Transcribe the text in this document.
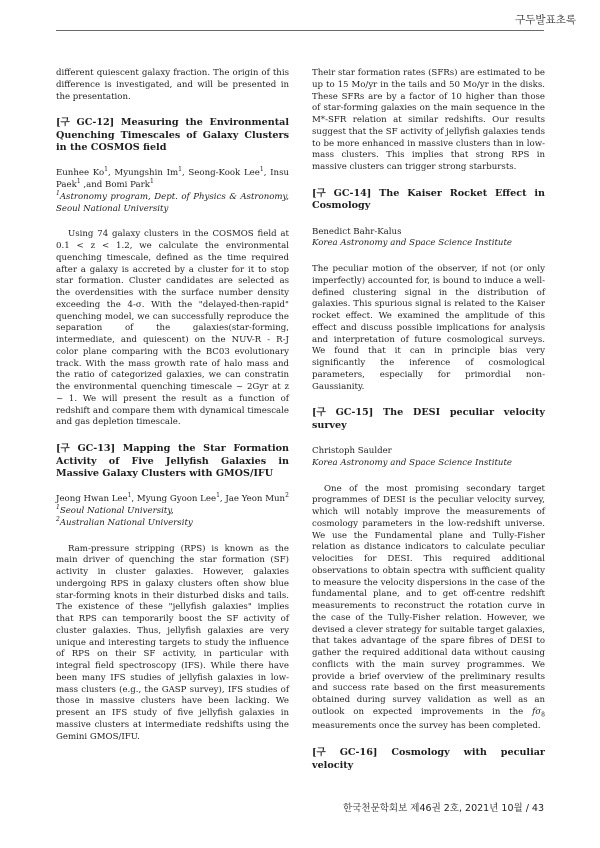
구두발표초록

different quiescent galaxy fraction. The origin of this difference is investigated, and will be presented in the presentation.

[구 GC-12] Measuring the Environmental Quenching Timescales of Galaxy Clusters in the COSMOS field

Eunhee Ko$^1$, Myungshin Im$^1$, Seong-Kook Lee$^1$, Insu Paek$^1$ ,and Bomi Park$^1$

$^1$Astronomy program, Dept. of Physics & Astronomy, Seoul National University

Using 74 galaxy clusters in the COSMOS field at 0.1 < z < 1.2, we calculate the environmental quenching timescale, defined as the time required after a galaxy is accreted by a cluster for it to stop star formation. Cluster candidates are selected as the overdensities with the surface number density exceeding the 4-σ. With the "delayed-then-rapid" quenching model, we can successfully reproduce the separation of the galaxies(star-forming, intermediate, and quiescent) on the NUV-R - R-J color plane comparing with the BC03 evolutionary track. With the mass growth rate of halo mass and the ratio of categorized galaxies, we can constratin the environmental quenching timescale ~ 2Gyr at z ~ 1. We will present the result as a function of redshift and compare them with dynamical timescale and gas depletion timescale.

[구 GC-13] Mapping the Star Formation Activity of Five Jellyfish Galaxies in Massive Galaxy Clusters with GMOS/IFU

Jeong Hwan Lee$^1$, Myung Gyoon Lee$^1$, Jae Yeon Mun$^2$

$^1$Seoul National University,

$^2$Australian National University

Ram-pressure stripping (RPS) is known as the main driver of quenching the star formation (SF) activity in cluster galaxies. However, galaxies undergoing RPS in galaxy clusters often show blue star-forming knots in their disturbed disks and tails. The existence of these "jellyfish galaxies" implies that RPS can temporarily boost the SF activity of cluster galaxies. Thus, jellyfish galaxies are very unique and interesting targets to study the influence of RPS on their SF activity, in particular with integral field spectroscopy (IFS). While there have been many IFS studies of jellyfish galaxies in low-mass clusters (e.g., the GASP survey), IFS studies of those in massive clusters have been lacking. We present an IFS study of five jellyfish galaxies in massive clusters at intermediate redshifts using the Gemini GMOS/IFU.

Their star formation rates (SFRs) are estimated to be up to 15 Mo/yr in the tails and 50 Mo/yr in the disks. These SFRs are by a factor of 10 higher than those of star-forming galaxies on the main sequence in the M*-SFR relation at similar redshifts. Our results suggest that the SF activity of jellyfish galaxies tends to be more enhanced in massive clusters than in low-mass clusters. This implies that strong RPS in massive clusters can trigger strong starbursts.

[구 GC-14] The Kaiser Rocket Effect in Cosmology

Benedict Bahr-Kalus

Korea Astronomy and Space Science Institute

The peculiar motion of the observer, if not (or only imperfectly) accounted for, is bound to induce a well-defined clustering signal in the distribution of galaxies. This spurious signal is related to the Kaiser rocket effect. We examined the amplitude of this effect and discuss possible implications for analysis and interpretation of future cosmological surveys. We found that it can in principle bias very significantly the inference of cosmological parameters, especially for primordial non-Gaussianity.

[구 GC-15] The DESI peculiar velocity survey

Christoph Saulder

Korea Astronomy and Space Science Institute

One of the most promising secondary target programmes of DESI is the peculiar velocity survey, which will notably improve the measurements of cosmology parameters in the low-redshift universe. We use the Fundamental plane and Tully-Fisher relation as distance indicators to calculate peculiar velocities for DESI. This required additional observations to obtain spectra with sufficient quality to measure the velocity dispersions in the case of the fundamental plane, and to get off-centre redshift measurements to reconstruct the rotation curve in the case of the Tully-Fisher relation. However, we devised a clever strategy for suitable target galaxies, that takes advantage of the spare fibres of DESI to gather the required additional data without causing conflicts with the main survey programmes. We provide a brief overview of the preliminary results and success rate based on the first measurements obtained during survey validation as well as an outlook on expected improvements in the $f\sigma_8$ measurements once the survey has been completed.

[구 GC-16] Cosmology with peculiar velocity

한국천문학회보 제46권 2호, 2021년 10월 / 43
